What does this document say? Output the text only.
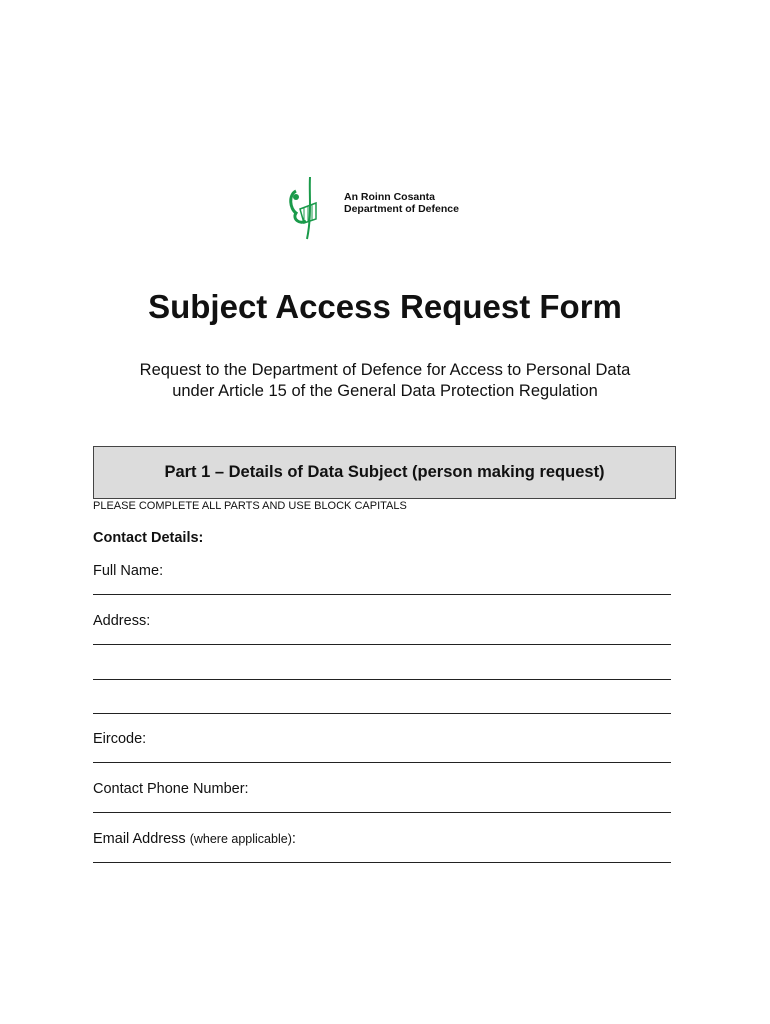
An Roinn Cosanta
Department of Defence
Subject Access Request Form
Request to the Department of Defence for Access to Personal Data
under Article 15 of the General Data Protection Regulation
Part 1 – Details of Data Subject (person making request)
PLEASE COMPLETE ALL PARTS AND USE BLOCK CAPITALS
Contact Details:
Full Name:
Address:
Eircode:
Contact Phone Number:
Email Address (where applicable):
